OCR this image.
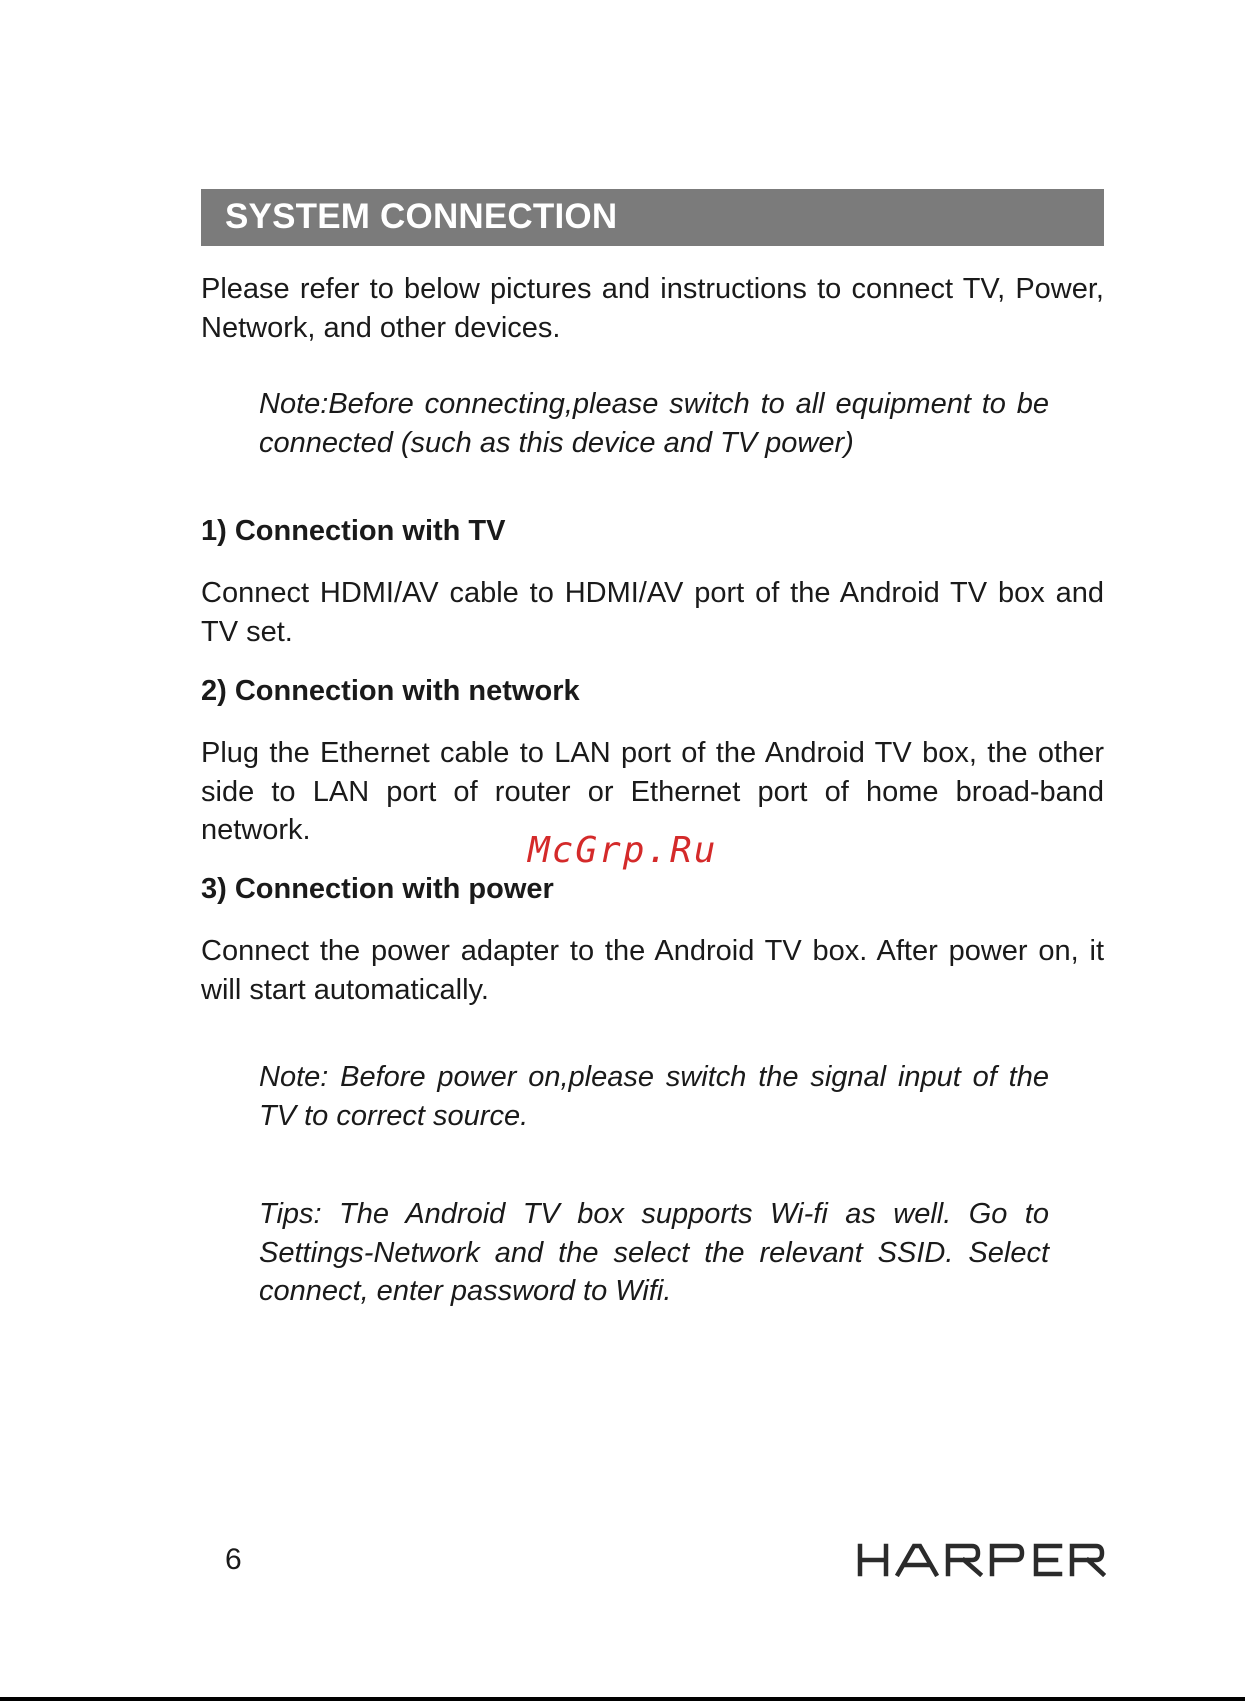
SYSTEM CONNECTION

Please refer to below pictures and instructions to connect TV, Power, Network, and other devices.

Note:Before connecting,please switch to all equipment to be connected (such as this device and TV power)

1) Connection with TV

Connect HDMI/AV cable to HDMI/AV port of the Android TV box and TV set.

2) Connection with network

Plug the Ethernet cable to LAN port of the Android TV box, the other side to LAN port of router or Ethernet port of home broad-band network.	McGrp.Ru

3) Connection with power

Connect the power adapter to the Android TV box. After power on, it will start automatically.

Note: Before power on,please switch the signal input of the TV to correct source.

Tips: The Android TV box supports Wi-fi as well. Go to Settings-Network and the select the relevant SSID. Select connect, enter password to Wifi.

6
